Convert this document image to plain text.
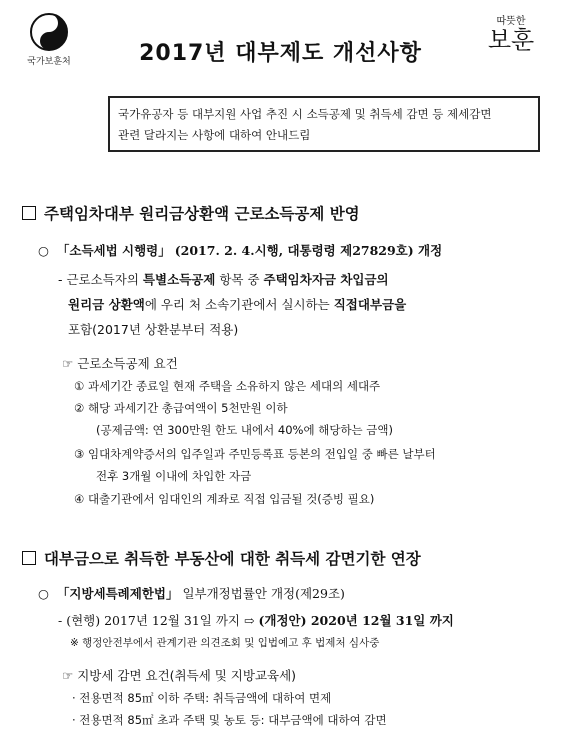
국가보훈처	2017년 대부제도 개선사항
따뜻한
보훈
국가유공자 등 대부지원 사업 추진 시 소득공제 및 취득세 감면 등 제세감면
관련 달라지는 사항에 대하여 안내드림
주택임차대부 원리금상환액 근로소득공제 반영
○ 「소득세법 시행령」 (2017. 2. 4.시행, 대통령령 제27829호) 개정
- 근로소득자의 특별소득공제 항목 중 주택임차자금 차입금의
원리금 상환액에 우리 처 소속기관에서 실시하는 직접대부금을
포함(2017년 상환분부터 적용)
☞ 근로소득공제 요건
① 과세기간 종료일 현재 주택을 소유하지 않은 세대의 세대주
② 해당 과세기간 총급여액이 5천만원 이하
(공제금액: 연 300만원 한도 내에서 40%에 해당하는 금액)
③ 임대차계약증서의 입주일과 주민등록표 등본의 전입일 중 빠른 날부터
전후 3개월 이내에 차입한 자금
④ 대출기관에서 임대인의 계좌로 직접 입금될 것(증빙 필요)
대부금으로 취득한 부동산에 대한 취득세 감면기한 연장
○ 「지방세특례제한법」 일부개정법률안 개정(제29조)
- (현행) 2017년 12월 31일 까지 ⇨ (개정안) 2020년 12월 31일 까지
※ 행정안전부에서 관계기관 의견조회 및 입법예고 후 법제처 심사중
☞ 지방세 감면 요건(취득세 및 지방교육세)
· 전용면적 85㎡ 이하 주택: 취득금액에 대하여 면제
· 전용면적 85㎡ 초과 주택 및 농토 등: 대부금액에 대하여 감면
